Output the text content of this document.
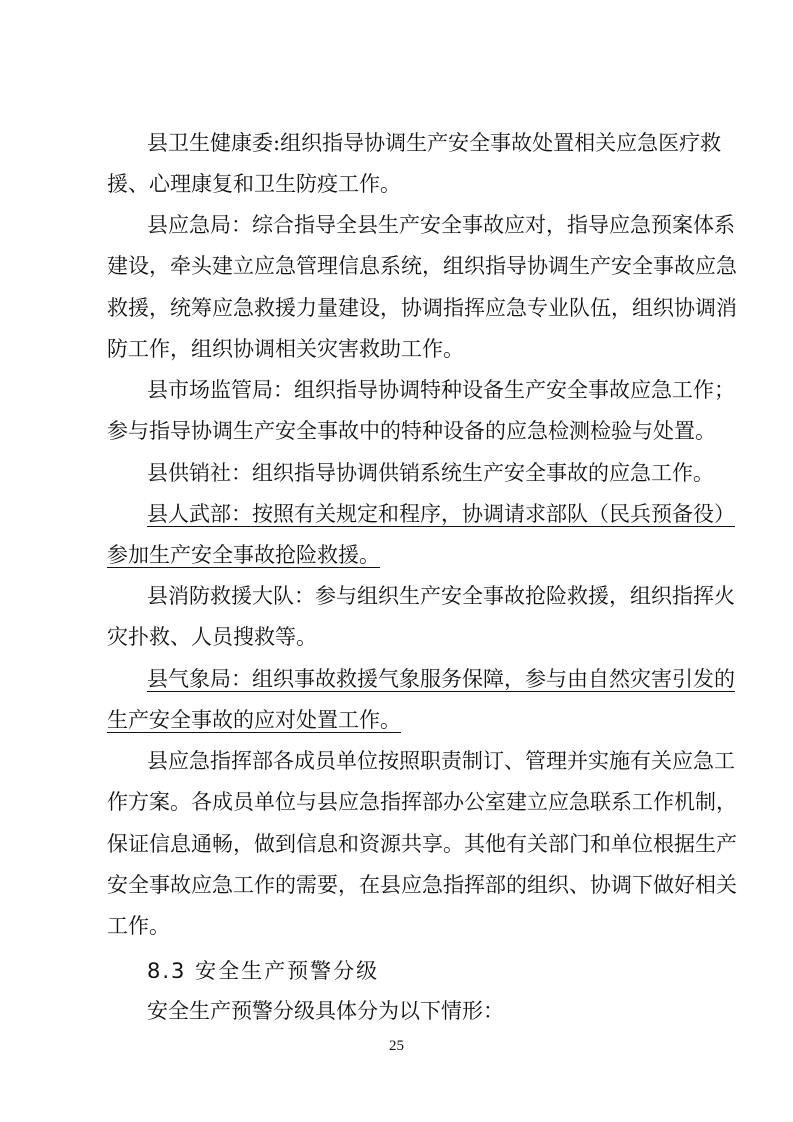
县卫生健康委:组织指导协调生产安全事故处置相关应急医疗救
援、心理康复和卫生防疫工作。
县应急局：综合指导全县生产安全事故应对，指导应急预案体系
建设，牵头建立应急管理信息系统，组织指导协调生产安全事故应急
救援，统筹应急救援力量建设，协调指挥应急专业队伍，组织协调消
防工作，组织协调相关灾害救助工作。
县市场监管局：组织指导协调特种设备生产安全事故应急工作；
参与指导协调生产安全事故中的特种设备的应急检测检验与处置。
县供销社：组织指导协调供销系统生产安全事故的应急工作。
县人武部：按照有关规定和程序，协调请求部队（民兵预备役）
参加生产安全事故抢险救援。
县消防救援大队：参与组织生产安全事故抢险救援，组织指挥火
灾扑救、人员搜救等。
县气象局：组织事故救援气象服务保障，参与由自然灾害引发的
生产安全事故的应对处置工作。
县应急指挥部各成员单位按照职责制订、管理并实施有关应急工
作方案。各成员单位与县应急指挥部办公室建立应急联系工作机制，
保证信息通畅，做到信息和资源共享。其他有关部门和单位根据生产
安全事故应急工作的需要，在县应急指挥部的组织、协调下做好相关
工作。
8.3 安全生产预警分级
安全生产预警分级具体分为以下情形：
25
